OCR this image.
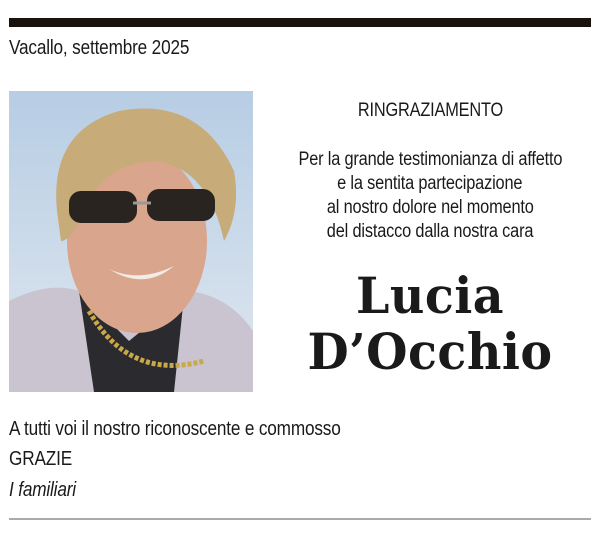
Vacallo, settembre 2025
RINGRAZIAMENTO
Per la grande testimonianza di affetto
e la sentita partecipazione
al nostro dolore nel momento
del distacco dalla nostra cara
Lucia
D’Occhio
A tutti voi il nostro riconoscente e commosso
GRAZIE
I familiari
